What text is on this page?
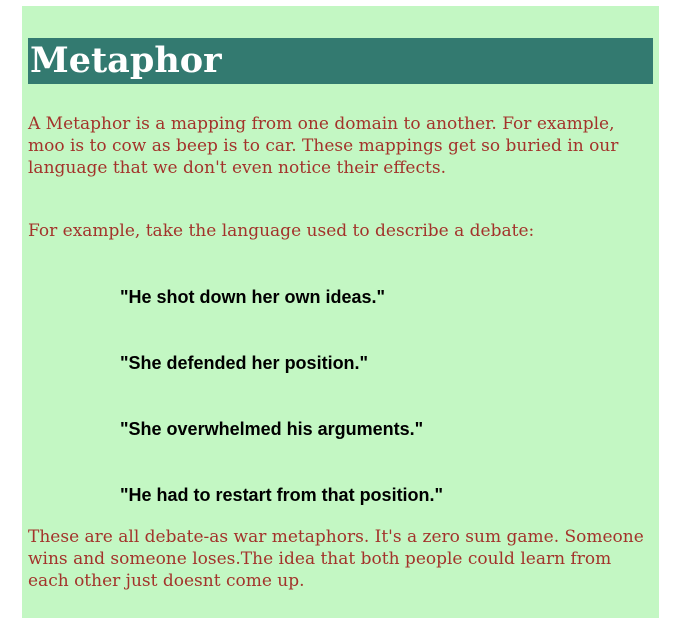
Metaphor

A Metaphor is a mapping from one domain to another. For example, moo is to cow as beep is to car. These mappings get so buried in our language that we don't even notice their effects.

For example, take the language used to describe a debate:

"He shot down her own ideas."

"She defended her position."

"She overwhelmed his arguments."

"He had to restart from that position."

These are all debate-as war metaphors. It's a zero sum game. Someone wins and someone loses.The idea that both people could learn from each other just doesnt come up.
